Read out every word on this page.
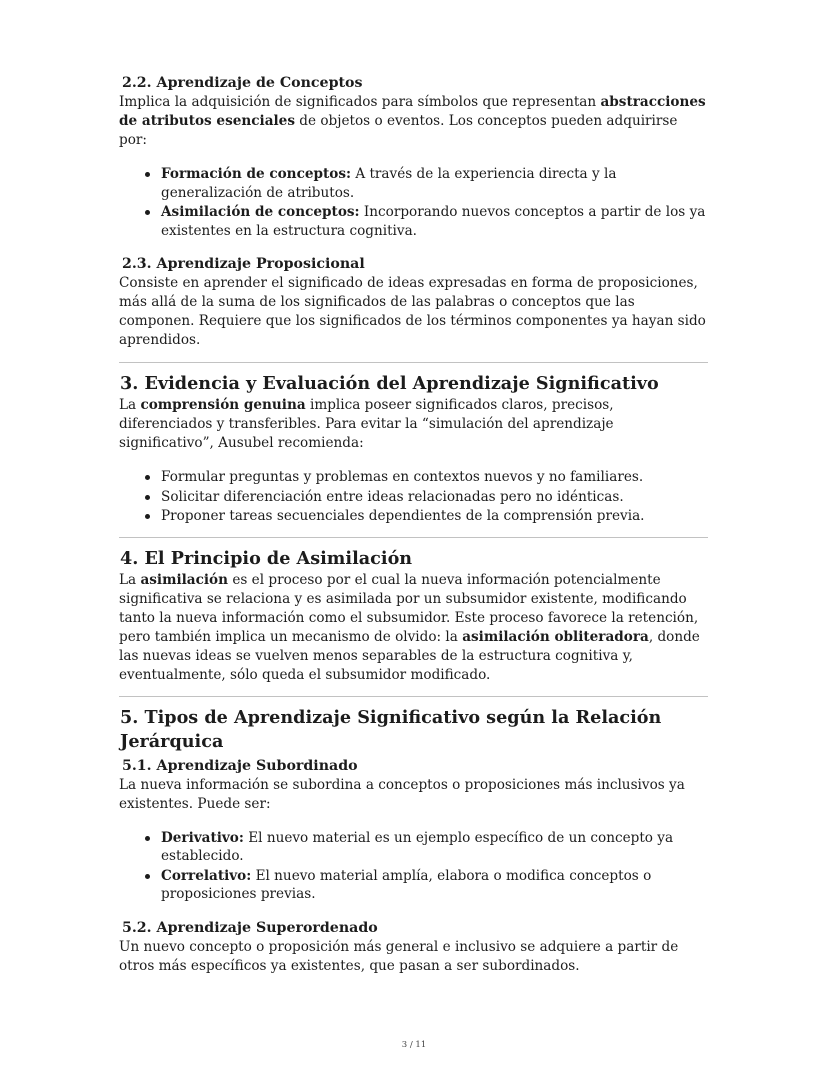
2.2. Aprendizaje de Conceptos

Implica la adquisición de significados para símbolos que representan abstracciones de atributos esenciales de objetos o eventos. Los conceptos pueden adquirirse por:

Formación de conceptos: A través de la experiencia directa y la generalización de atributos.
Asimilación de conceptos: Incorporando nuevos conceptos a partir de los ya existentes en la estructura cognitiva.
2.3. Aprendizaje Proposicional

Consiste en aprender el significado de ideas expresadas en forma de proposiciones, más allá de la suma de los significados de las palabras o conceptos que las componen. Requiere que los significados de los términos componentes ya hayan sido aprendidos.

3. Evidencia y Evaluación del Aprendizaje Significativo

La comprensión genuina implica poseer significados claros, precisos, diferenciados y transferibles. Para evitar la “simulación del aprendizaje significativo”, Ausubel recomienda:

Formular preguntas y problemas en contextos nuevos y no familiares.
Solicitar diferenciación entre ideas relacionadas pero no idénticas.
Proponer tareas secuenciales dependientes de la comprensión previa.
4. El Principio de Asimilación

La asimilación es el proceso por el cual la nueva información potencialmente significativa se relaciona y es asimilada por un subsumidor existente, modificando tanto la nueva información como el subsumidor. Este proceso favorece la retención, pero también implica un mecanismo de olvido: la asimilación obliteradora, donde las nuevas ideas se vuelven menos separables de la estructura cognitiva y, eventualmente, sólo queda el subsumidor modificado.

5. Tipos de Aprendizaje Significativo según la Relación Jerárquica
5.1. Aprendizaje Subordinado

La nueva información se subordina a conceptos o proposiciones más inclusivos ya existentes. Puede ser:

Derivativo: El nuevo material es un ejemplo específico de un concepto ya establecido.
Correlativo: El nuevo material amplía, elabora o modifica conceptos o proposiciones previas.
5.2. Aprendizaje Superordenado

Un nuevo concepto o proposición más general e inclusivo se adquiere a partir de otros más específicos ya existentes, que pasan a ser subordinados.

3 / 11
